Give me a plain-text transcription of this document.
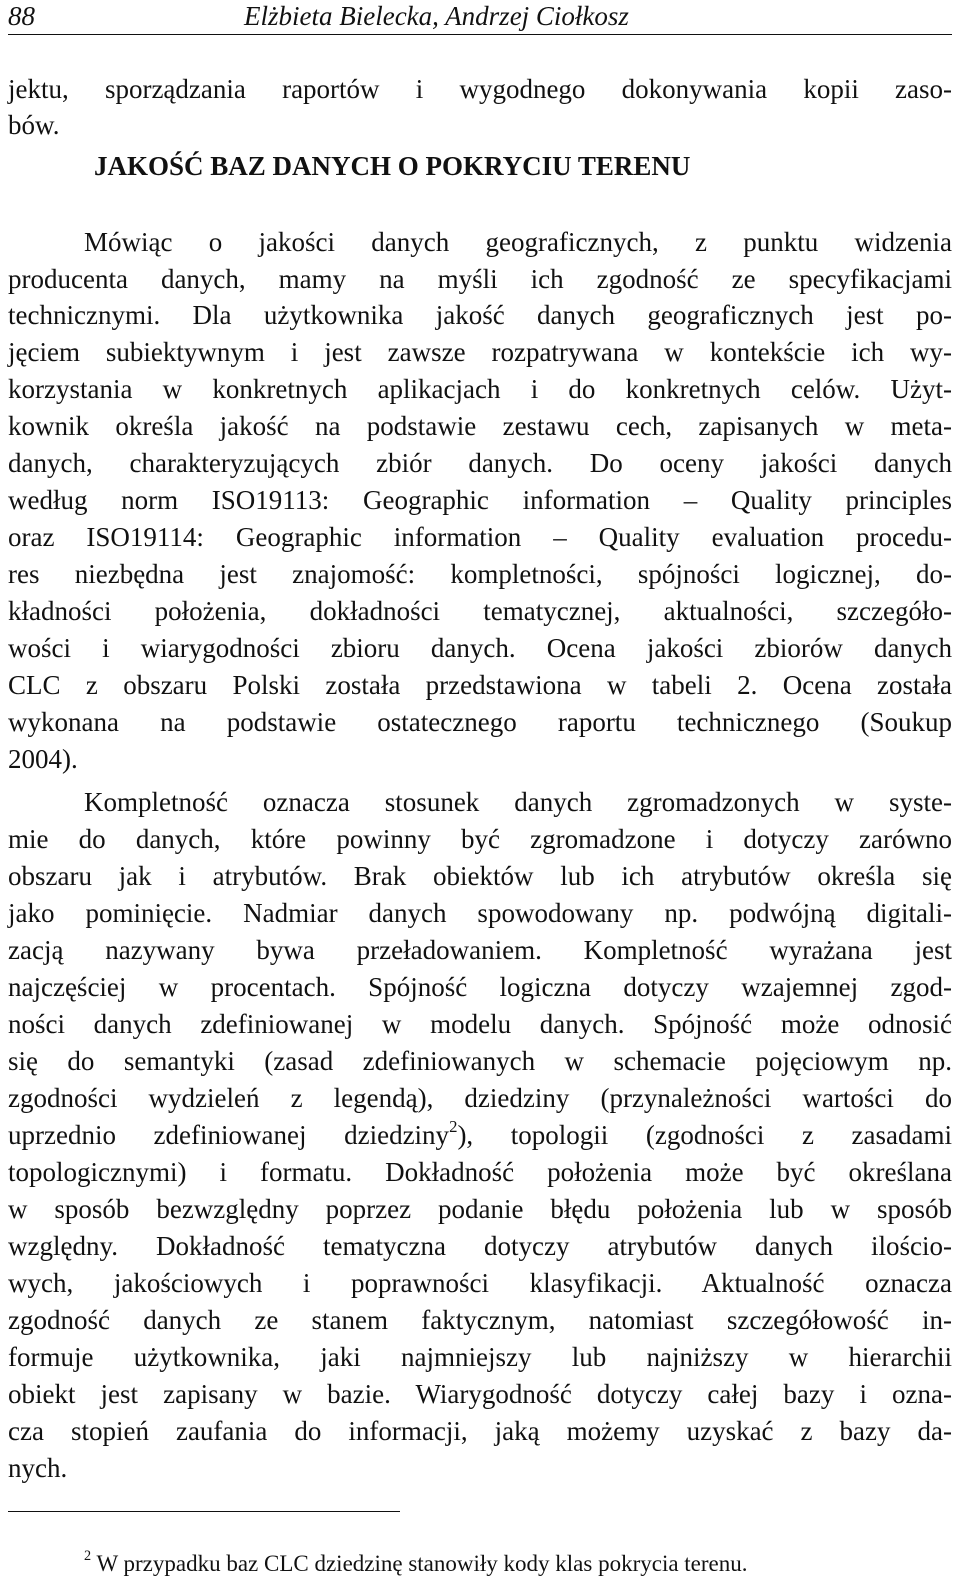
88	Elżbieta Bielecka, Andrzej Ciołkosz
jektu, sporządzania raportów i wygodnego dokonywania kopii zaso-
bów.
JAKOŚĆ BAZ DANYCH O POKRYCIU TERENU
Mówiąc o jakości danych geograficznych, z punktu widzenia
producenta danych, mamy na myśli ich zgodność ze specyfikacjami
technicznymi. Dla użytkownika jakość danych geograficznych jest po-
jęciem subiektywnym i jest zawsze rozpatrywana w kontekście ich wy-
korzystania w konkretnych aplikacjach i do konkretnych celów. Użyt-
kownik określa jakość na podstawie zestawu cech, zapisanych w meta-
danych, charakteryzujących zbiór danych. Do oceny jakości danych
według norm ISO19113: Geographic information – Quality principles
oraz ISO19114: Geographic information – Quality evaluation procedu-
res niezbędna jest znajomość: kompletności, spójności logicznej, do-
kładności położenia, dokładności tematycznej, aktualności, szczegóło-
wości i wiarygodności zbioru danych. Ocena jakości zbiorów danych
CLC z obszaru Polski została przedstawiona w tabeli 2. Ocena została
wykonana na podstawie ostatecznego raportu technicznego (Soukup
2004).
Kompletność oznacza stosunek danych zgromadzonych w syste-
mie do danych, które powinny być zgromadzone i dotyczy zarówno
obszaru jak i atrybutów. Brak obiektów lub ich atrybutów określa się
jako pominięcie. Nadmiar danych spowodowany np. podwójną digitali-
zacją nazywany bywa przeładowaniem. Kompletność wyrażana jest
najczęściej w procentach. Spójność logiczna dotyczy wzajemnej zgod-
ności danych zdefiniowanej w modelu danych. Spójność może odnosić
się do semantyki (zasad zdefiniowanych w schemacie pojęciowym np.
zgodności wydzieleń z legendą), dziedziny (przynależności wartości do
uprzednio zdefiniowanej dziedziny$^2$), topologii (zgodności z zasadami
topologicznymi) i formatu. Dokładność położenia może być określana
w sposób bezwzględny poprzez podanie błędu położenia lub w sposób
względny. Dokładność tematyczna dotyczy atrybutów danych ilościo-
wych, jakościowych i poprawności klasyfikacji. Aktualność oznacza
zgodność danych ze stanem faktycznym, natomiast szczegółowość in-
formuje użytkownika, jaki najmniejszy lub najniższy w hierarchii
obiekt jest zapisany w bazie. Wiarygodność dotyczy całej bazy i ozna-
cza stopień zaufania do informacji, jaką możemy uzyskać z bazy da-
nych.
$^2$ W przypadku baz CLC dziedzinę stanowiły kody klas pokrycia terenu.
